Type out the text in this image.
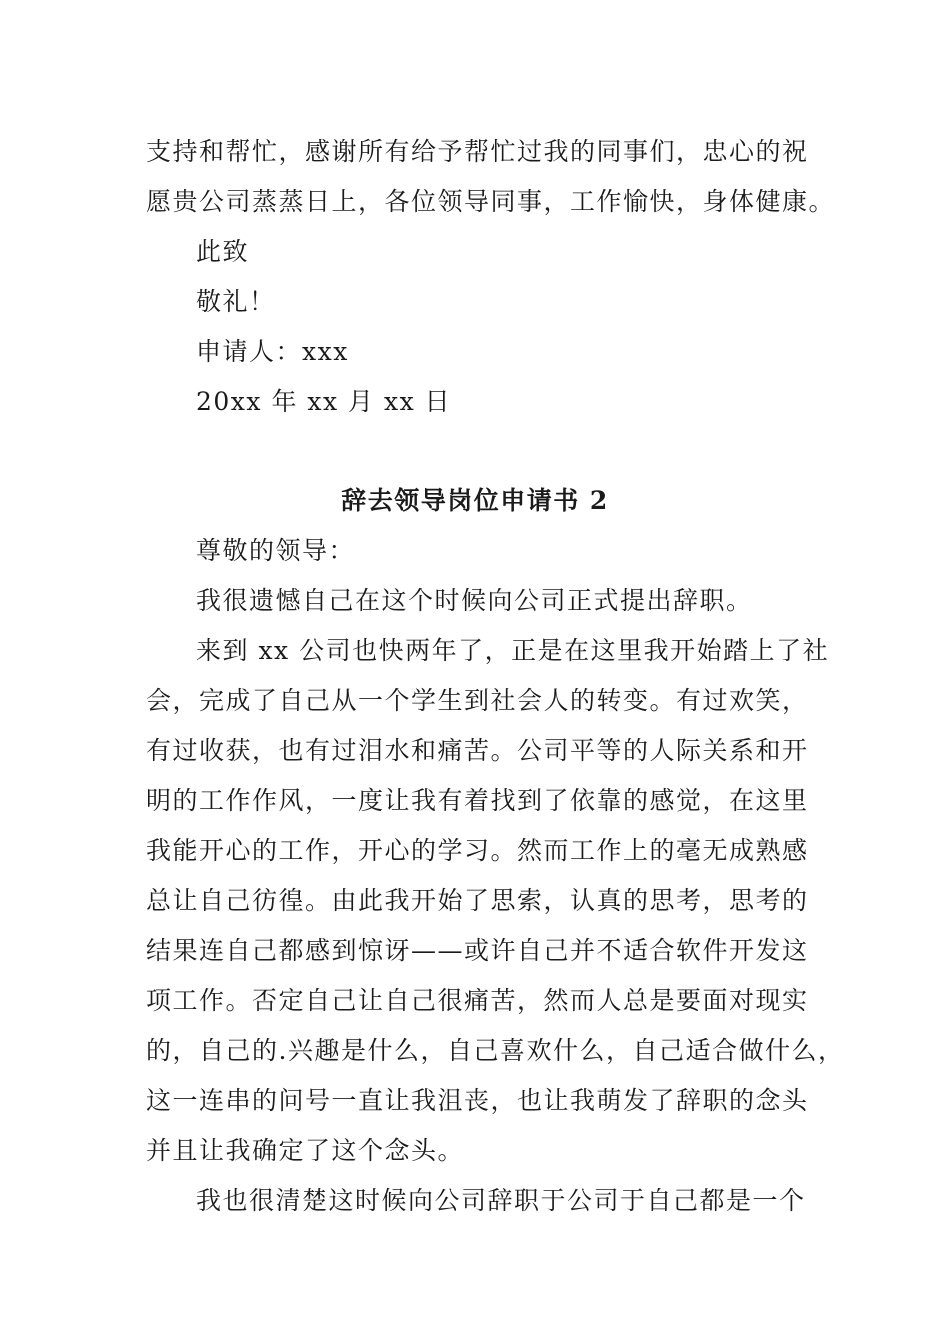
支持和帮忙，感谢所有给予帮忙过我的同事们，忠心的祝
愿贵公司蒸蒸日上，各位领导同事，工作愉快，身体健康。
此致
敬礼！
申请人：xxx
20xx 年 xx 月 xx 日
辞去领导岗位申请书 2
尊敬的领导：
我很遗憾自己在这个时候向公司正式提出辞职。
来到 xx 公司也快两年了，正是在这里我开始踏上了社
会，完成了自己从一个学生到社会人的转变。有过欢笑，
有过收获，也有过泪水和痛苦。公司平等的人际关系和开
明的工作作风，一度让我有着找到了依靠的感觉，在这里
我能开心的工作，开心的学习。然而工作上的毫无成熟感
总让自己彷徨。由此我开始了思索，认真的思考，思考的
结果连自己都感到惊讶——或许自己并不适合软件开发这
项工作。否定自己让自己很痛苦，然而人总是要面对现实
的，自己的.兴趣是什么，自己喜欢什么，自己适合做什么，
这一连串的问号一直让我沮丧，也让我萌发了辞职的念头
并且让我确定了这个念头。
我也很清楚这时候向公司辞职于公司于自己都是一个
